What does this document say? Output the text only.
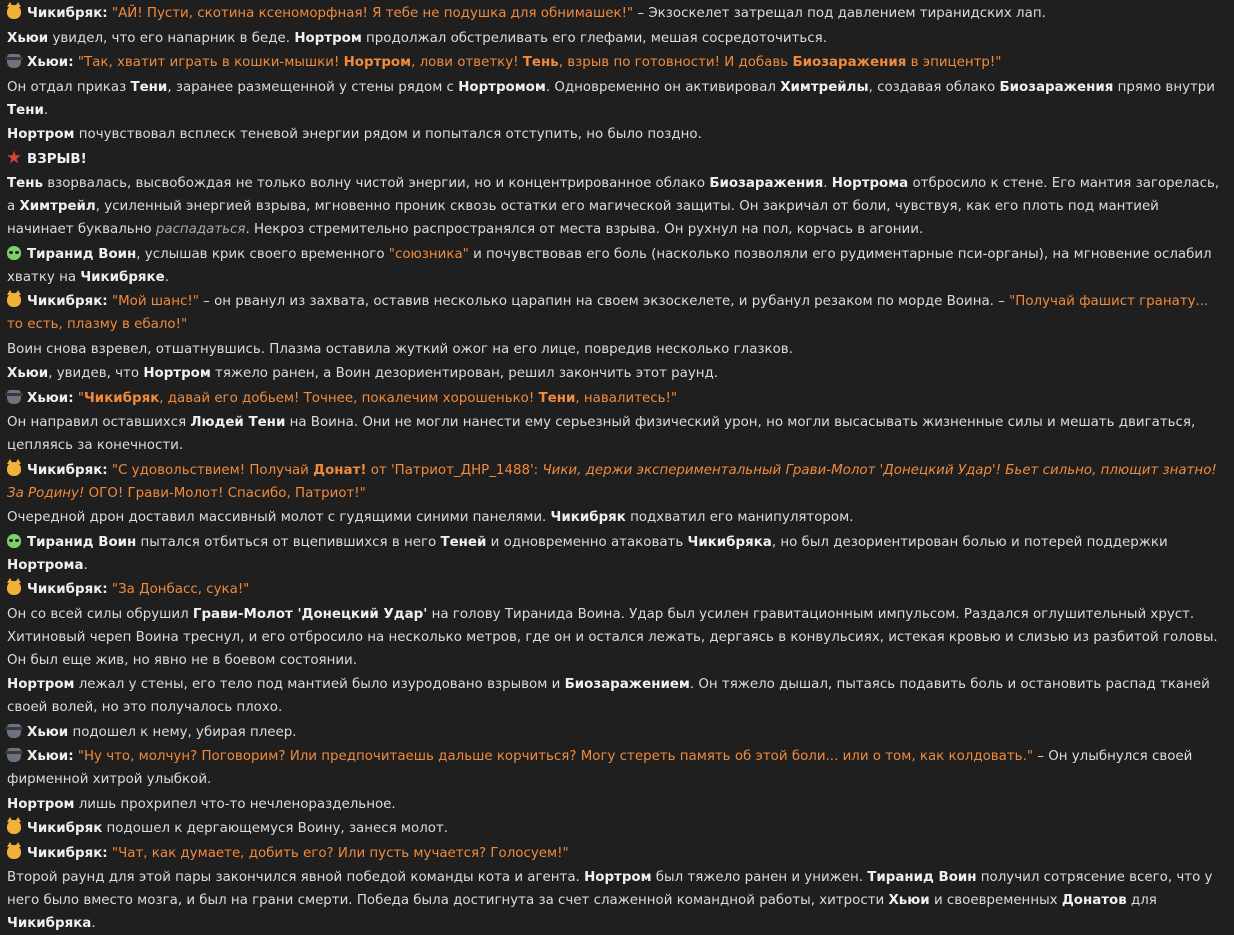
Чикибряк: "АЙ! Пусти, скотина ксеноморфная! Я тебе не подушка для обнимашек!" – Экзоскелет затрещал под давлением тиранидских лап.
Хьюи увидел, что его напарник в беде. Нортром продолжал обстреливать его глефами, мешая сосредоточиться.
Хьюи: "Так, хватит играть в кошки-мышки! Нортром, лови ответку! Тень, взрыв по готовности! И добавь Биозаражения в эпицентр!"
Он отдал приказ Тени, заранее размещенной у стены рядом с Нортромом. Одновременно он активировал Химтрейлы, создавая облако Биозаражения прямо внутри Тени.
Нортром почувствовал всплеск теневой энергии рядом и попытался отступить, но было поздно.
ВЗРЫВ!
Тень взорвалась, высвобождая не только волну чистой энергии, но и концентрированное облако Биозаражения. Нортрома отбросило к стене. Его мантия загорелась, а Химтрейл, усиленный энергией взрыва, мгновенно проник сквозь остатки его магической защиты. Он закричал от боли, чувствуя, как его плоть под мантией начинает буквально распадаться. Некроз стремительно распространялся от места взрыва. Он рухнул на пол, корчась в агонии.
Тиранид Воин, услышав крик своего временного "союзника" и почувствовав его боль (насколько позволяли его рудиментарные пси-органы), на мгновение ослабил хватку на Чикибряке.
Чикибряк: "Мой шанс!" – он рванул из захвата, оставив несколько царапин на своем экзоскелете, и рубанул резаком по морде Воина. – "Получай фашист гранату... то есть, плазму в ебало!"
Воин снова взревел, отшатнувшись. Плазма оставила жуткий ожог на его лице, повредив несколько глазков.
Хьюи, увидев, что Нортром тяжело ранен, а Воин дезориентирован, решил закончить этот раунд.
Хьюи: "Чикибряк, давай его добьем! Точнее, покалечим хорошенько! Тени, навалитесь!"
Он направил оставшихся Людей Тени на Воина. Они не могли нанести ему серьезный физический урон, но могли высасывать жизненные силы и мешать двигаться, цепляясь за конечности.
Чикибряк: "С удовольствием! Получай Донат! от 'Патриот_ДНР_1488': Чики, держи экспериментальный Грави-Молот 'Донецкий Удар'! Бьет сильно, плющит знатно! За Родину! ОГО! Грави-Молот! Спасибо, Патриот!"
Очередной дрон доставил массивный молот с гудящими синими панелями. Чикибряк подхватил его манипулятором.
Тиранид Воин пытался отбиться от вцепившихся в него Теней и одновременно атаковать Чикибряка, но был дезориентирован болью и потерей поддержки Нортрома.
Чикибряк: "За Донбасс, сука!"
Он со всей силы обрушил Грави-Молот 'Донецкий Удар' на голову Тиранида Воина. Удар был усилен гравитационным импульсом. Раздался оглушительный хруст. Хитиновый череп Воина треснул, и его отбросило на несколько метров, где он и остался лежать, дергаясь в конвульсиях, истекая кровью и слизью из разбитой головы. Он был еще жив, но явно не в боевом состоянии.
Нортром лежал у стены, его тело под мантией было изуродовано взрывом и Биозаражением. Он тяжело дышал, пытаясь подавить боль и остановить распад тканей своей волей, но это получалось плохо.
Хьюи подошел к нему, убирая плеер.
Хьюи: "Ну что, молчун? Поговорим? Или предпочитаешь дальше корчиться? Могу стереть память об этой боли... или о том, как колдовать." – Он улыбнулся своей фирменной хитрой улыбкой.
Нортром лишь прохрипел что-то нечленораздельное.
Чикибряк подошел к дергающемуся Воину, занеся молот.
Чикибряк: "Чат, как думаете, добить его? Или пусть мучается? Голосуем!"
Второй раунд для этой пары закончился явной победой команды кота и агента. Нортром был тяжело ранен и унижен. Тиранид Воин получил сотрясение всего, что у него было вместо мозга, и был на грани смерти. Победа была достигнута за счет слаженной командной работы, хитрости Хьюи и своевременных Донатов для Чикибряка.
